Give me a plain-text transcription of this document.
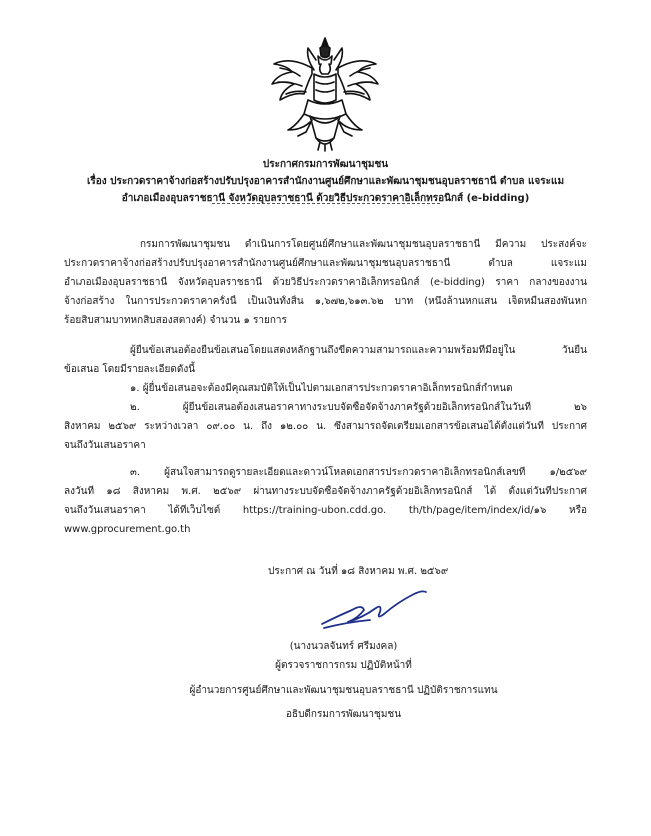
ประกาศกรมการพัฒนาชุมชน
เรื่อง ประกวดราคาจ้างก่อสร้างปรับปรุงอาคารสำนักงานศูนย์ศึกษาและพัฒนาชุมชนอุบลราชธานี ตำบล แจระแม
อำเภอเมืองอุบลราชธานี จังหวัดอุบลราชธานี ด้วยวิธีประกวดราคาอิเล็กทรอนิกส์ (e-bidding)
กรมการพัฒนาชุมชน ดำเนินการโดยศูนย์ศึกษาและพัฒนาชุมชนอุบลราชธานี มีความ ประสงค์จะ
ประกวดราคาจ้างก่อสร้างปรับปรุงอาคารสำนักงานศูนย์ศึกษาและพัฒนาชุมชนอุบลราชธานี ตำบล แจระแม
อำเภอเมืองอุบลราชธานี จังหวัดอุบลราชธานี ด้วยวิธีประกวดราคาอิเล็กทรอนิกส์ (e-bidding) ราคา กลางของงาน
จ้างก่อสร้าง ในการประกวดราคาครั้งนี้ เป็นเงินทั้งสิ้น ๑,๖๗๒,๖๑๓.๖๒ บาท (หนึ่งล้านหกแสน เจ็ดหมื่นสองพันหก
ร้อยสิบสามบาทหกสิบสองสตางค์) จำนวน ๑ รายการ
ผู้ยื่นข้อเสนอต้องยื่นข้อเสนอโดยแสดงหลักฐานถึงขีดความสามารถและความพร้อมที่มีอยู่ใน วันยื่น
ข้อเสนอ โดยมีรายละเอียดดังนี้
๑. ผู้ยื่นข้อเสนอจะต้องมีคุณสมบัติให้เป็นไปตามเอกสารประกวดราคาอิเล็กทรอนิกส์กำหนด
๒. ผู้ยื่นข้อเสนอต้องเสนอราคาทางระบบจัดซื้อจัดจ้างภาครัฐด้วยอิเล็กทรอนิกส์ในวันที่ ๒๖
สิงหาคม ๒๕๖๙ ระหว่างเวลา ๐๙.๐๐ น. ถึง ๑๒.๐๐ น. ซึ่งสามารถจัดเตรียมเอกสารข้อเสนอได้ตั้งแต่วันที่ ประกาศ
จนถึงวันเสนอราคา
๓. ผู้สนใจสามารถดูรายละเอียดและดาวน์โหลดเอกสารประกวดราคาอิเล็กทรอนิกส์เลขที่ ๑/๒๕๖๙
ลงวันที่ ๑๘ สิงหาคม พ.ศ. ๒๕๖๙ ผ่านทางระบบจัดซื้อจัดจ้างภาครัฐด้วยอิเล็กทรอนิกส์ ได้ ตั้งแต่วันที่ประกาศ
จนถึงวันเสนอราคา ได้ที่เว็บไซต์ https://training-ubon.cdd.go. th/th/page/item/index/id/๑๖ หรือ
www.gprocurement.go.th
ประกาศ ณ วันที่ ๑๘ สิงหาคม พ.ศ. ๒๕๖๙
(นางนวลจันทร์ ศรีมงคล)
ผู้ตรวจราชการกรม ปฏิบัติหน้าที่
ผู้อำนวยการศูนย์ศึกษาและพัฒนาชุมชนอุบลราชธานี ปฏิบัติราชการแทน
อธิบดีกรมการพัฒนาชุมชน
